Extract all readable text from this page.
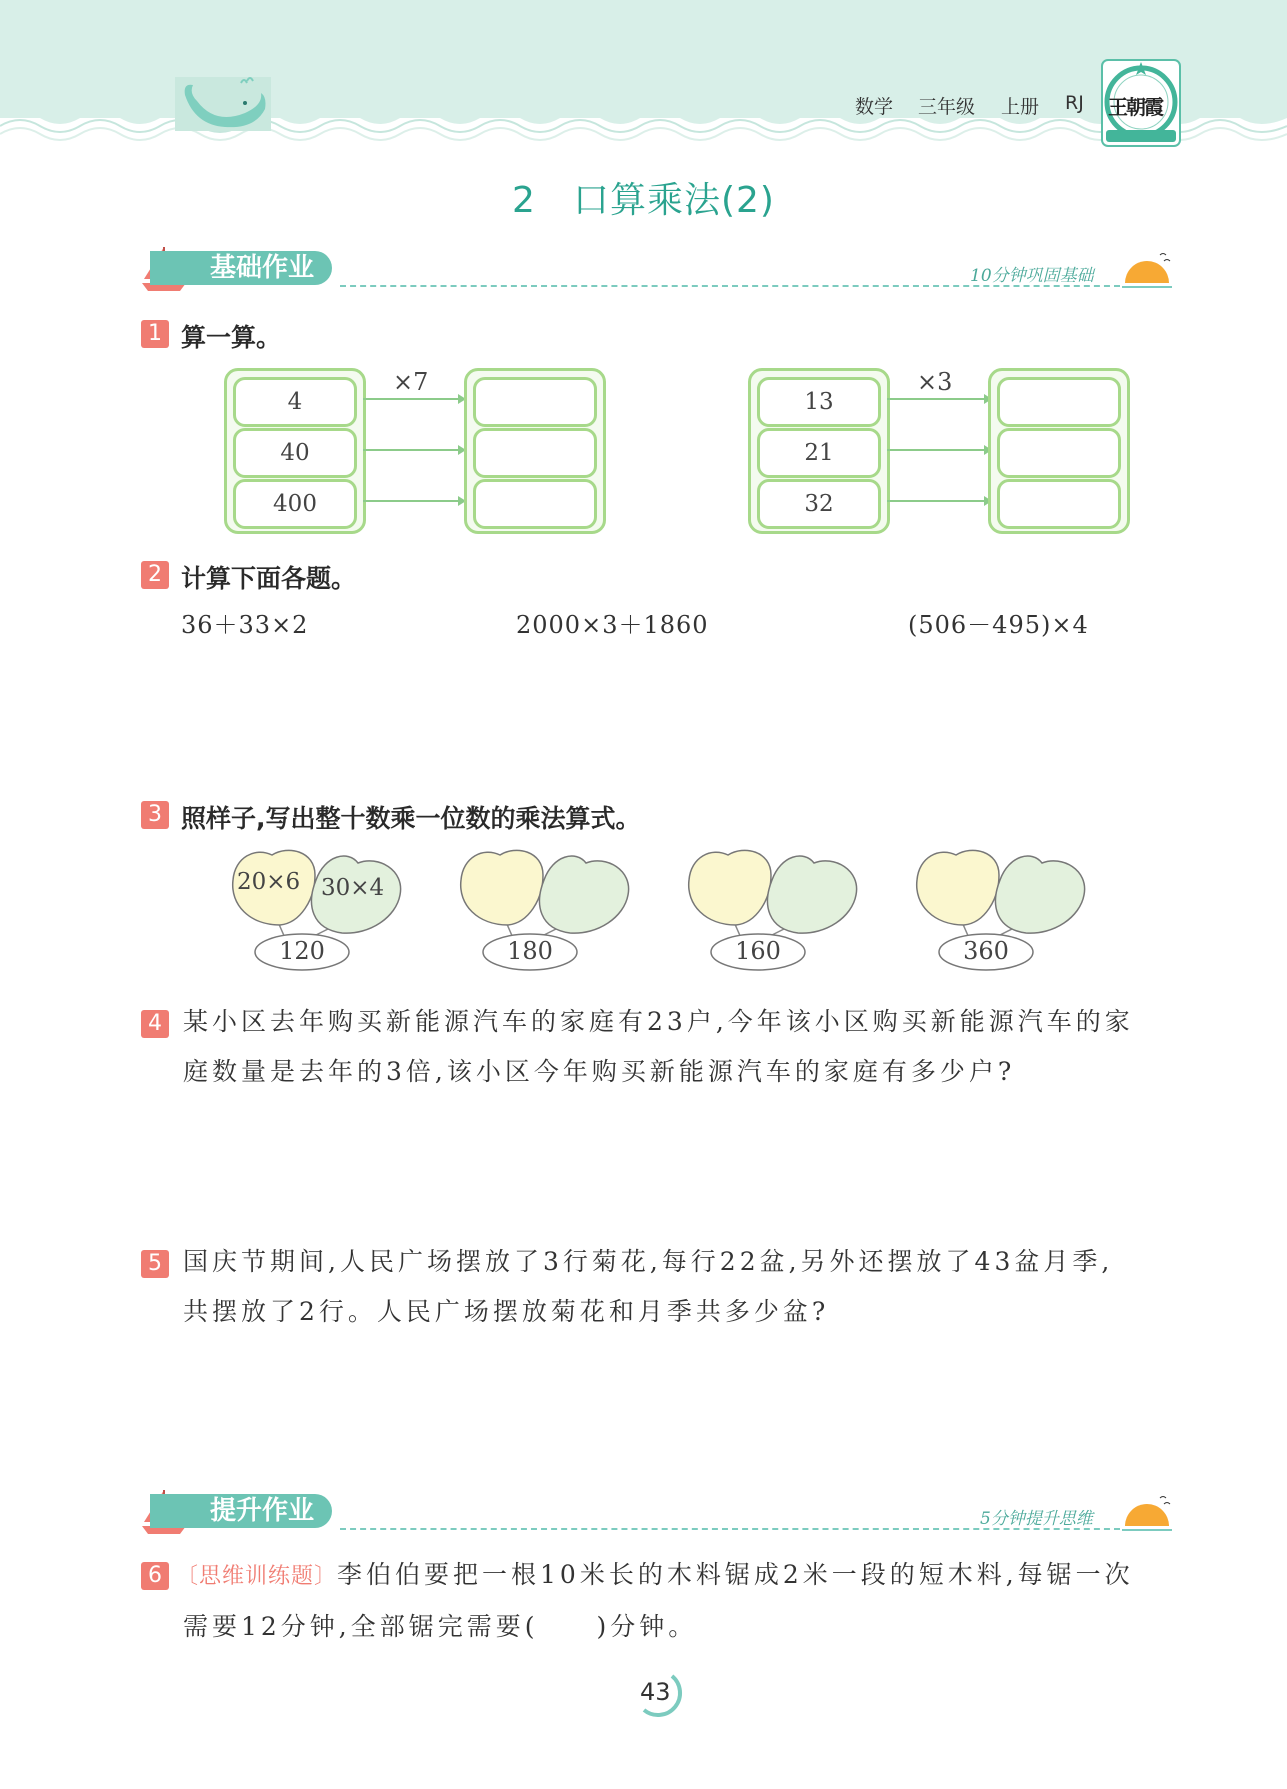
数学 三年级 上册 RJ 王朝霞
2　口算乘法(2)
基础作业	10分钟巩固基础
1 算一算。
4
40
400
×7
13
21
32
×3
2 计算下面各题。
36＋33×2	2000×3＋1860	(506－495)×4
3 照样子,写出整十数乘一位数的乘法算式。
20×6 30×4
120	180	160	360
4 某小区去年购买新能源汽车的家庭有23户,今年该小区购买新能源汽车的家
庭数量是去年的3倍,该小区今年购买新能源汽车的家庭有多少户?
5 国庆节期间,人民广场摆放了3行菊花,每行22盆,另外还摆放了43盆月季,
共摆放了2行。人民广场摆放菊花和月季共多少盆?
提升作业	5分钟提升思维
6 〔思维训练题〕李伯伯要把一根10米长的木料锯成2米一段的短木料,每锯一次
需要12分钟,全部锯完需要(　　)分钟。
43
